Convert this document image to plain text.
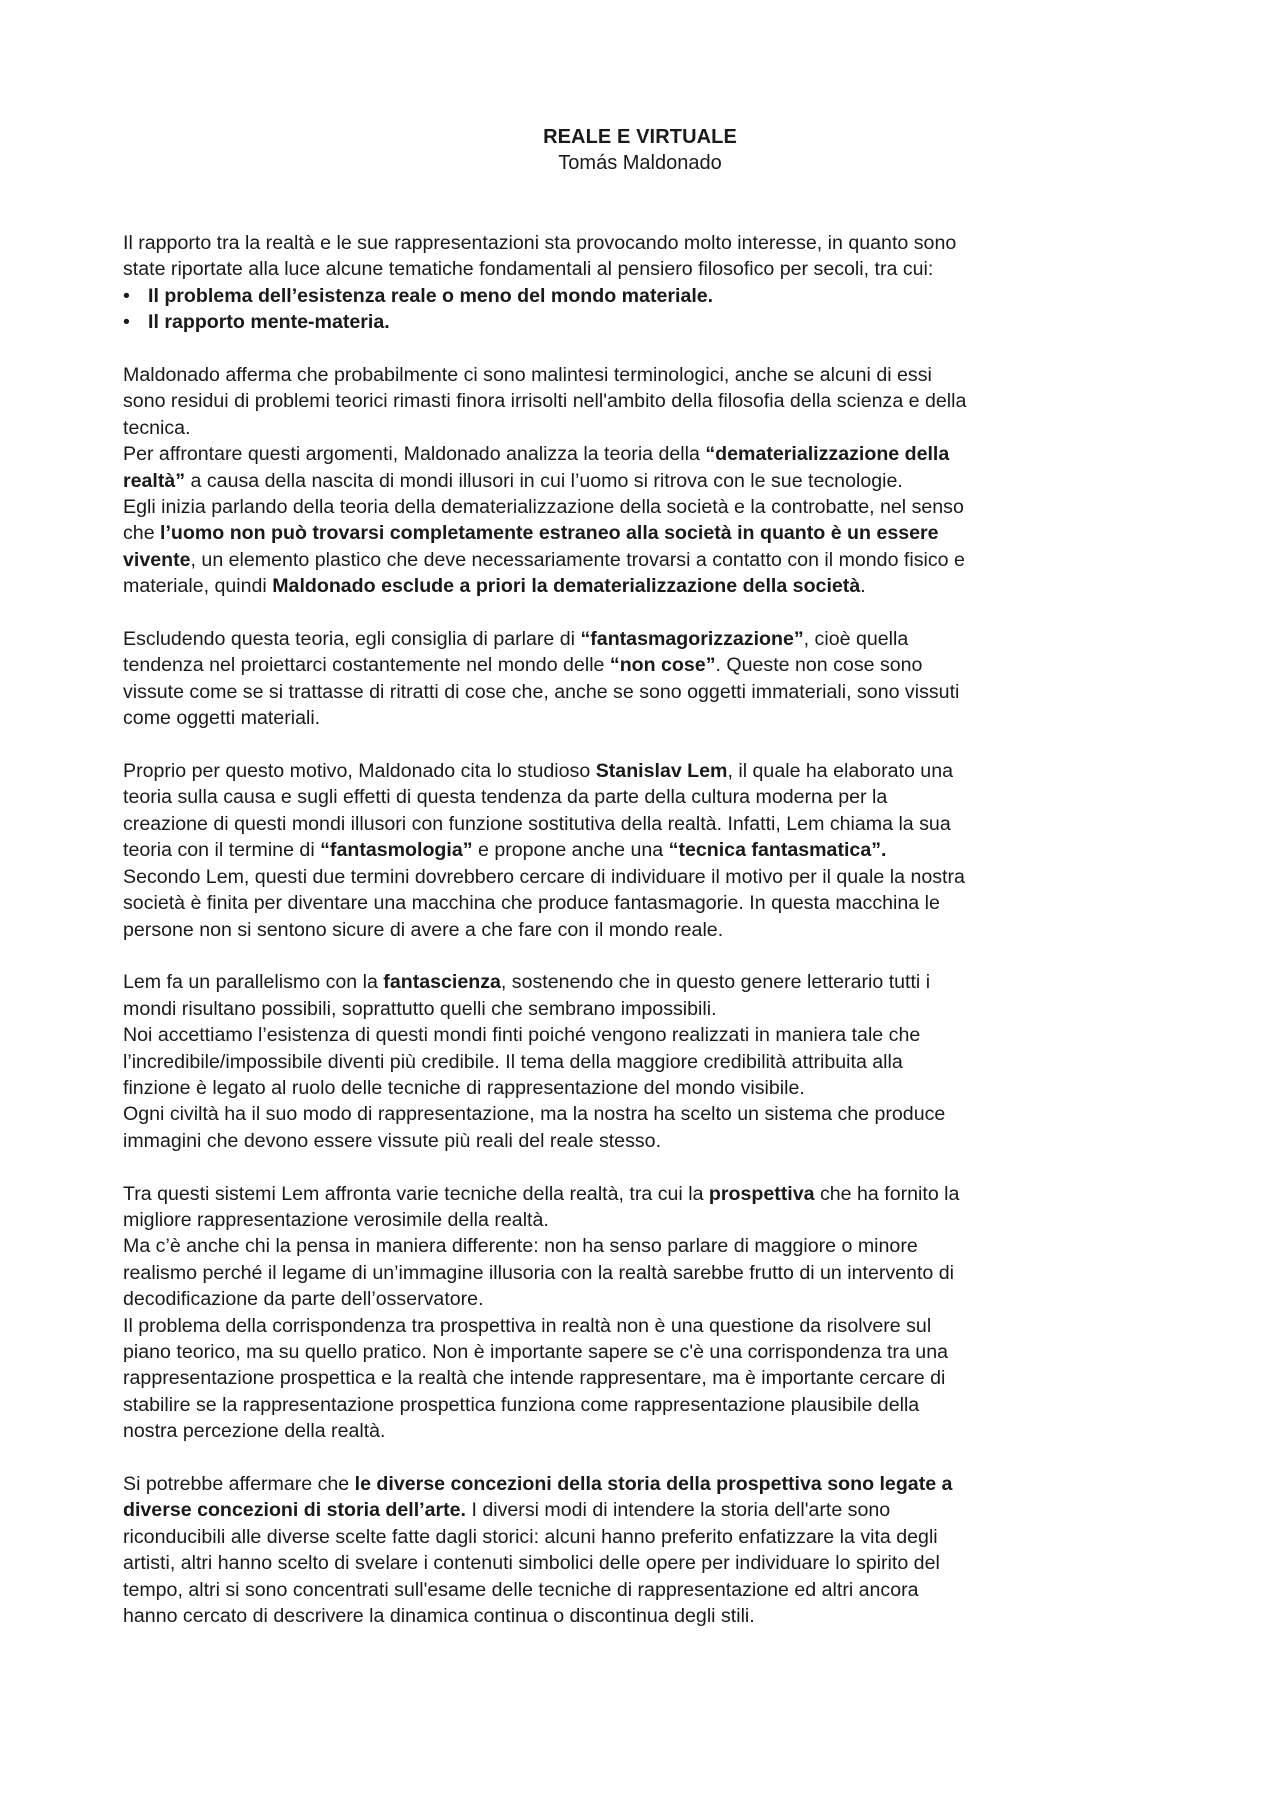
REALE E VIRTUALE
Tomás Maldonado
Il rapporto tra la realtà e le sue rappresentazioni sta provocando molto interesse, in quanto sono
state riportate alla luce alcune tematiche fondamentali al pensiero filosofico per secoli, tra cui:
• Il problema dell’esistenza reale o meno del mondo materiale.
• Il rapporto mente-materia.
Maldonado afferma che probabilmente ci sono malintesi terminologici, anche se alcuni di essi
sono residui di problemi teorici rimasti finora irrisolti nell'ambito della filosofia della scienza e della
tecnica.
Per affrontare questi argomenti, Maldonado analizza la teoria della “dematerializzazione della
realtà” a causa della nascita di mondi illusori in cui l’uomo si ritrova con le sue tecnologie.
Egli inizia parlando della teoria della dematerializzazione della società e la controbatte, nel senso
che l’uomo non può trovarsi completamente estraneo alla società in quanto è un essere
vivente, un elemento plastico che deve necessariamente trovarsi a contatto con il mondo fisico e
materiale, quindi Maldonado esclude a priori la dematerializzazione della società.
Escludendo questa teoria, egli consiglia di parlare di “fantasmagorizzazione”, cioè quella
tendenza nel proiettarci costantemente nel mondo delle “non cose”. Queste non cose sono
vissute come se si trattasse di ritratti di cose che, anche se sono oggetti immateriali, sono vissuti
come oggetti materiali.
Proprio per questo motivo, Maldonado cita lo studioso Stanislav Lem, il quale ha elaborato una
teoria sulla causa e sugli effetti di questa tendenza da parte della cultura moderna per la
creazione di questi mondi illusori con funzione sostitutiva della realtà. Infatti, Lem chiama la sua
teoria con il termine di “fantasmologia” e propone anche una “tecnica fantasmatica”.
Secondo Lem, questi due termini dovrebbero cercare di individuare il motivo per il quale la nostra
società è finita per diventare una macchina che produce fantasmagorie. In questa macchina le
persone non si sentono sicure di avere a che fare con il mondo reale.
Lem fa un parallelismo con la fantascienza, sostenendo che in questo genere letterario tutti i
mondi risultano possibili, soprattutto quelli che sembrano impossibili.
Noi accettiamo l’esistenza di questi mondi finti poiché vengono realizzati in maniera tale che
l’incredibile/impossibile diventi più credibile. Il tema della maggiore credibilità attribuita alla
finzione è legato al ruolo delle tecniche di rappresentazione del mondo visibile.
Ogni civiltà ha il suo modo di rappresentazione, ma la nostra ha scelto un sistema che produce
immagini che devono essere vissute più reali del reale stesso.
Tra questi sistemi Lem affronta varie tecniche della realtà, tra cui la prospettiva che ha fornito la
migliore rappresentazione verosimile della realtà.
Ma c’è anche chi la pensa in maniera differente: non ha senso parlare di maggiore o minore
realismo perché il legame di un’immagine illusoria con la realtà sarebbe frutto di un intervento di
decodificazione da parte dell’osservatore.
Il problema della corrispondenza tra prospettiva in realtà non è una questione da risolvere sul
piano teorico, ma su quello pratico. Non è importante sapere se c'è una corrispondenza tra una
rappresentazione prospettica e la realtà che intende rappresentare, ma è importante cercare di
stabilire se la rappresentazione prospettica funziona come rappresentazione plausibile della
nostra percezione della realtà.
Si potrebbe affermare che le diverse concezioni della storia della prospettiva sono legate a
diverse concezioni di storia dell’arte. I diversi modi di intendere la storia dell'arte sono
riconducibili alle diverse scelte fatte dagli storici: alcuni hanno preferito enfatizzare la vita degli
artisti, altri hanno scelto di svelare i contenuti simbolici delle opere per individuare lo spirito del
tempo, altri si sono concentrati sull'esame delle tecniche di rappresentazione ed altri ancora
hanno cercato di descrivere la dinamica continua o discontinua degli stili.
